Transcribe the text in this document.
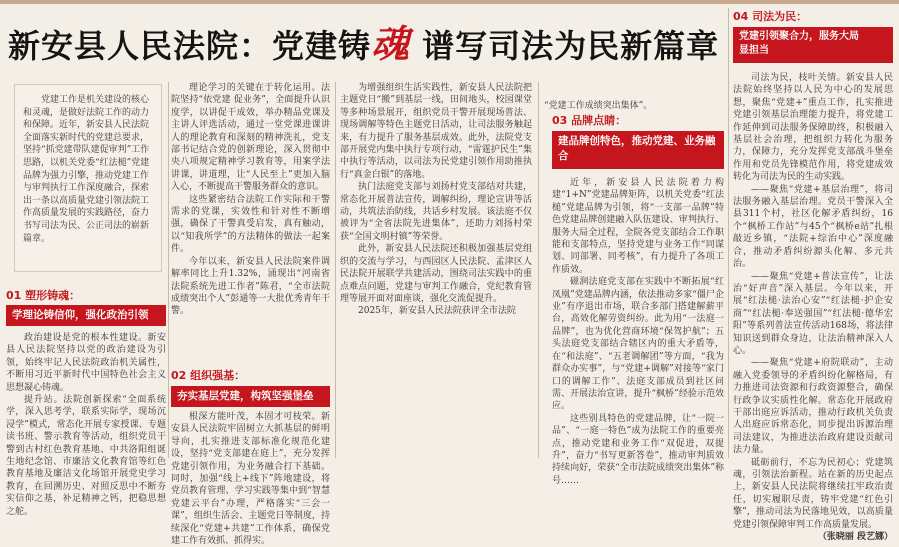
新安县人民法院：党建铸魂 谱写司法为民新篇章

党建工作是机关建设的核心和灵魂，是做好法院工作的动力和保障。近年，新安县人民法院全面落实新时代的党建总要求，坚持“抓党建带队建促审判”工作思路，以机关党委“红法槌”党建品牌为强力引擎，推动党建工作与审判执行工作深度融合，探索出一条以高质量党建引领法院工作高质量发展的实践路径，奋力书写司法为民、公正司法的崭新篇章。

01 塑形铸魂：
学理论铸信仰，强化政治引领

政治建设是党的根本性建设。新安县人民法院坚持以党的政治建设为引领，始终牢记人民法院政治机关属性，不断用习近平新时代中国特色社会主义思想凝心铸魂。

提升站。法院创新探索“全面系统学，深入思考学，联系实际学，现场沉浸学”模式，常态化开展专家授课、专题读书班、警示教育等活动，组织党员干警到古村红色教育基地、中共洛阳组诞生地纪念馆、市廉洁文化教育馆等红色教育基地及廉洁文化场馆开展党史学习教育，在回溯历史、对照反思中不断夯实信仰之基，补足精神之钙，把稳思想之舵。

理论学习的关键在于转化运用。法院坚持“依党建 促业务”，全面提升认识度学，以讲促干成效，举办精品党课及主讲人评选活动，通过一堂党课进课讲人的理论教育和深刻的精神洗礼，党支部书记结合党的创新理论，深入贯彻中央八项规定精神学习教育等，用案学法讲课，讲道理，让“人民至上”更加入脑入心，不断提高干警服务群众的意识。

这些紧密结合法院工作实际和干警需求的党课，实效性和针对性不断增强，确保了干警真受启发，真有触动，以“知我所学”的方法精体的做法一起案件。

今年以来，新安县人民法院案件调解率同比上升1.32%，涌现出“河南省法院系统先进工作者”陈君，“全市法院成绩突出个人”彭通等一大批优秀青年干警。

02 组织强基：
夯实基层党建，构筑坚强堡垒

根深方能叶茂，本固才可枝荣。新安县人民法院牢固树立大抓基层的鲜明导向，扎实推进支部标准化规范化建设，坚持“党支部建在庭上”，充分发挥党建引领作用，为业务融合打下基础。同时，加强“线上+线下”阵地建设，将党员教育管理、学习实践等集中到“智慧党建云平台”办理，严格落实“三会一课”，组织生活会、主题党日等制度，持续深化“党建+共建”工作体系，确保党建工作有效抓、抓得实。

为增强组织生活实践性，新安县人民法院把主题党日“搬”到基层一线，田间地头，校园课堂等多种场景展开，组织党员干警开展现场普法、现场调解等特色主题党日活动，让司法服务触起来，有力提升了服务基层成效。此外，法院党支部开展党内集中执行专项行动，“雷霆护民生”集中执行等活动，以司法为民党建引领作用助推执行“真金白银”的落地。

执门法庭党支部与刘扬村党支部结对共建，常态化开展普法宣传，调解纠纷，理论宣讲等活动，共筑法治防线，共话乡村发展。该法庭不仅被评为“全省法院先进集体”，还助力刘扬村荣获“全国文明村镇”等荣誉。

此外，新安县人民法院还积极加强基层党组织的交流与学习，与西园区人民法院、孟津区人民法院开展联学共建活动，围绕司法实践中的重点难点问题，党建与审判工作融合，党纪教育管理等展开面对面座谈，强化交流促提升。

2025年，新安县人民法院获评全市法院

“党建工作成绩突出集体”。

03 品牌点睛：
建品牌创特色，推动党建、业务融合

近年，新安县人民法院着力构建“1+N”党建品牌矩阵，以机关党委“红法槌”党建品牌为引领，将“一支部一品牌”特色党建品牌创建融入队伍建设、审判执行、服务大局全过程，全院各党支部结合工作职能和支部特点，坚持党建与业务工作“同谋划、同部署、同考核”，有力提升了各项工作质效。

磁涧法庭党支部在实践中不断拓展“红凤凰”党建品牌内涵，依法推动多家“僵尸企业”有序退出市场，联合多部门搭建解薪平台，高效化解劳资纠纷。此为用“一法庭一品牌”，也为优化营商环境“保驾护航”；五头法庭党支部结合辖区内的重大矛盾等，在“和法庭”、“五老调解团”等方面，“我为群众办实事”，与“党建+调解”对接等“家门口的调解工作”、法庭支部成员到社区问需、开展法治宣讲，提升“枫桥”经验示范效应。

这些别具特色的党建品牌，让“一院一品”、“一庭一特色”成为法院工作的重要亮点，推动党建和业务工作“双促进，双提升”，奋力“书写更新答卷”，推动审判质效持续向好，荣获“全市法院成绩突出集体”称号……

04 司法为民：
党建引领聚合力，服务大局
显担当

司法为民，枝叶关情。新安县人民法院始终坚持以人民为中心的发展思想，聚焦“党建+”重点工作，扎实推进党建引领基层治理能力提升，将党建工作延伸到司法服务保障助终，积极融入基层社会治理，把组织力转化为服务力，保障力，充分发挥党支部战斗堡垒作用和党员先锋模范作用，将党建成效转化为司法为民的生动实践。

——聚焦“党建+基层治理”，将司法服务融入基层治理。党员干警深入全县311个村，社区化解矛盾纠纷，16个“枫桥工作站”与45个“枫桥e站”扎根敲近乡镇，“法院+综治中心”深度融合，推动矛盾纠纷源头化解、多元共治。

——聚焦“党建+普法宣传”，让法治“好声音”深入基层。今年以来，开展“红法槌·法治心安”“红法槌·护企安商”“红法槌·奉送强国”“红法槌·德华宏阳”等系列普法宣传活动168场，将法律知识送到群众身边，让法治精神深入人心。

——聚焦“党建+府院联动”，主动融入党委领导的矛盾纠纷化解格局，有力推进司法资源和行政资源整合，确保行政争议实质性化解。常态化开展政府干部出庭应诉活动，推动行政机关负责人出庭应诉常态化，同步提出诉源治理司法建议，为推进法治政府建设贡献司法力量。

砥砺前行，不忘为民初心；党建筑魂，引领法治新程。站在新的历史起点上，新安县人民法院将继续扛牢政治责任，切实履职尽责，铸牢党建“红色引擎”，推动司法为民落地见效，以高质量党建引领保障审判工作高质量发展。

（张晓丽 段艺娜）
